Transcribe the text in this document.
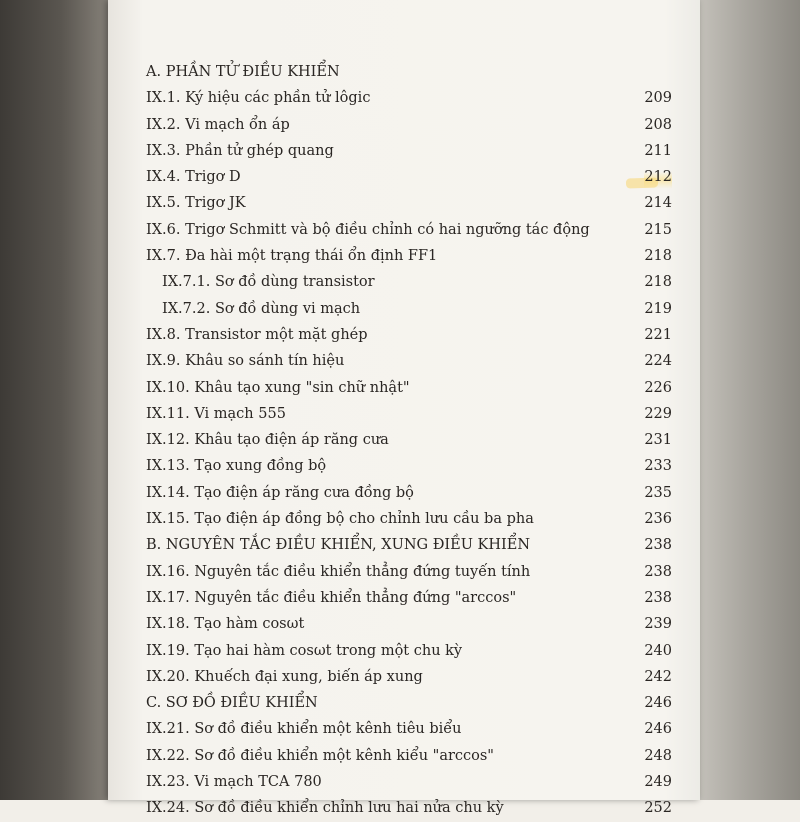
A. PHẦN TỬ ĐIỀU KHIỂN
IX.1. Ký hiệu các phần tử lôgic	209
IX.2. Vi mạch ổn áp	208
IX.3. Phần tử ghép quang	211
IX.4. Trigơ D	212
IX.5. Trigơ JK	214
IX.6. Trigơ Schmitt và bộ điều chỉnh có hai ngưỡng tác động	215
IX.7. Đa hài một trạng thái ổn định FF1	218
IX.7.1. Sơ đồ dùng transistor	218
IX.7.2. Sơ đồ dùng vi mạch	219
IX.8. Transistor một mặt ghép	221
IX.9. Khâu so sánh tín hiệu	224
IX.10. Khâu tạo xung "sin chữ nhật"	226
IX.11. Vi mạch 555	229
IX.12. Khâu tạo điện áp răng cưa	231
IX.13. Tạo xung đồng bộ	233
IX.14. Tạo điện áp răng cưa đồng bộ	235
IX.15. Tạo điện áp đồng bộ cho chỉnh lưu cầu ba pha	236
B. NGUYÊN TẮC ĐIỀU KHIỂN, XUNG ĐIỀU KHIỂN	238
IX.16. Nguyên tắc điều khiển thẳng đứng tuyến tính	238
IX.17. Nguyên tắc điều khiển thẳng đứng "arccos"	238
IX.18. Tạo hàm cosωt	239
IX.19. Tạo hai hàm cosωt trong một chu kỳ	240
IX.20. Khuếch đại xung, biến áp xung	242
C. SƠ ĐỒ ĐIỀU KHIỂN	246
IX.21. Sơ đồ điều khiển một kênh tiêu biểu	246
IX.22. Sơ đồ điều khiển một kênh kiểu "arccos"	248
IX.23. Vi mạch TCA 780	249
IX.24. Sơ đồ điều khiển chỉnh lưu hai nửa chu kỳ	252
